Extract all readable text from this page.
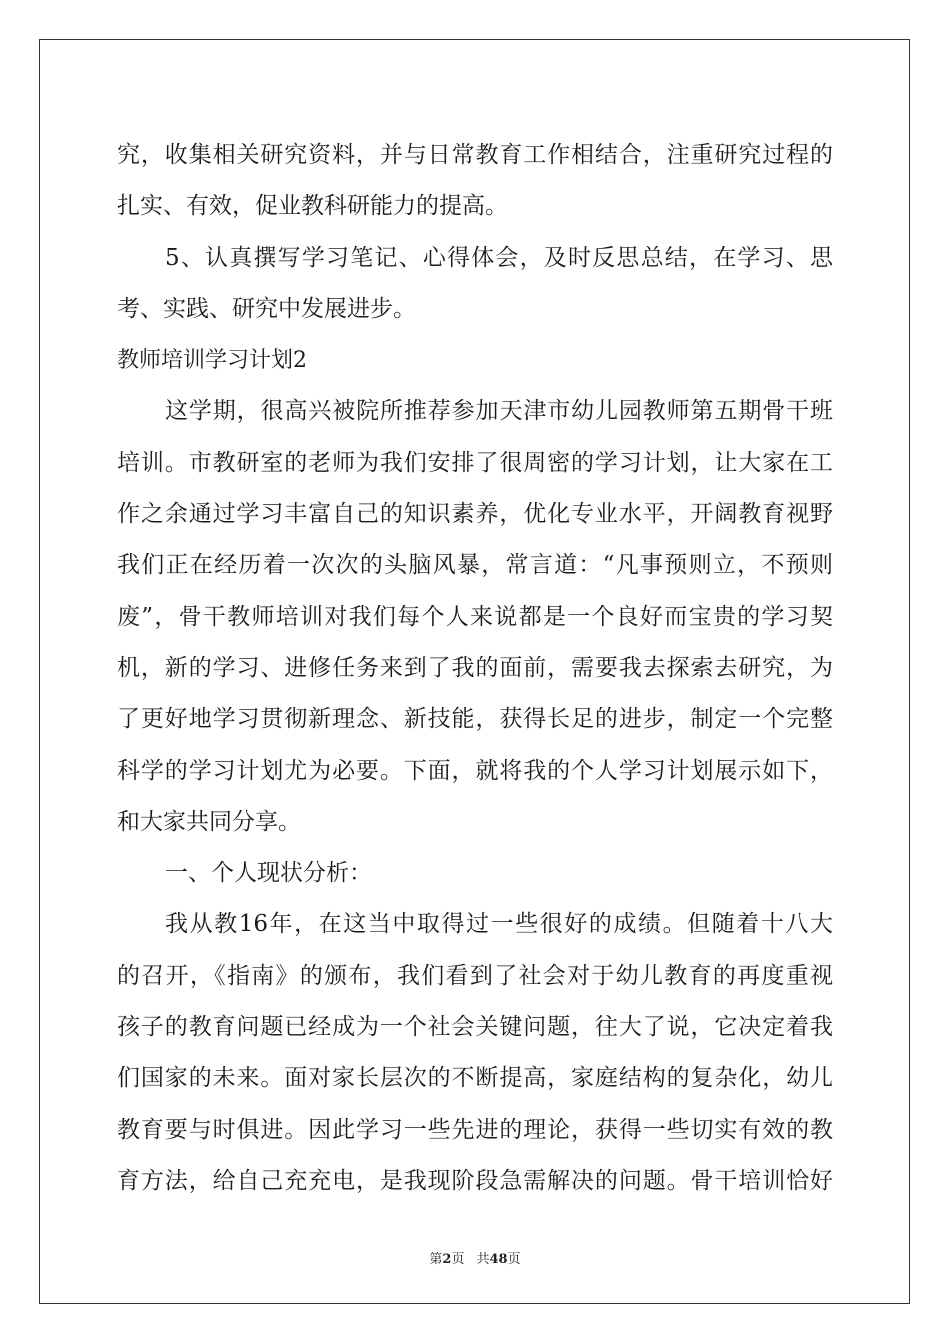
究，收集相关研究资料，并与日常教育工作相结合，注重研究过程的
扎实、有效，促业教科研能力的提高。
5、认真撰写学习笔记、心得体会，及时反思总结，在学习、思
考、实践、研究中发展进步。
教师培训学习计划2
这学期，很高兴被院所推荐参加天津市幼儿园教师第五期骨干班
培训。市教研室的老师为我们安排了很周密的学习计划，让大家在工
作之余通过学习丰富自己的知识素养，优化专业水平，开阔教育视野
我们正在经历着一次次的头脑风暴，常言道：“凡事预则立，不预则
废”，骨干教师培训对我们每个人来说都是一个良好而宝贵的学习契
机，新的学习、进修任务来到了我的面前，需要我去探索去研究，为
了更好地学习贯彻新理念、新技能，获得长足的进步，制定一个完整
科学的学习计划尤为必要。下面，就将我的个人学习计划展示如下，
和大家共同分享。
一、个人现状分析：
我从教16年，在这当中取得过一些很好的成绩。但随着十八大
的召开，《指南》的颁布，我们看到了社会对于幼儿教育的再度重视
孩子的教育问题已经成为一个社会关键问题，往大了说，它决定着我
们国家的未来。面对家长层次的不断提高，家庭结构的复杂化，幼儿
教育要与时俱进。因此学习一些先进的理论，获得一些切实有效的教
育方法，给自己充充电，是我现阶段急需解决的问题。骨干培训恰好
第2页 共48页
